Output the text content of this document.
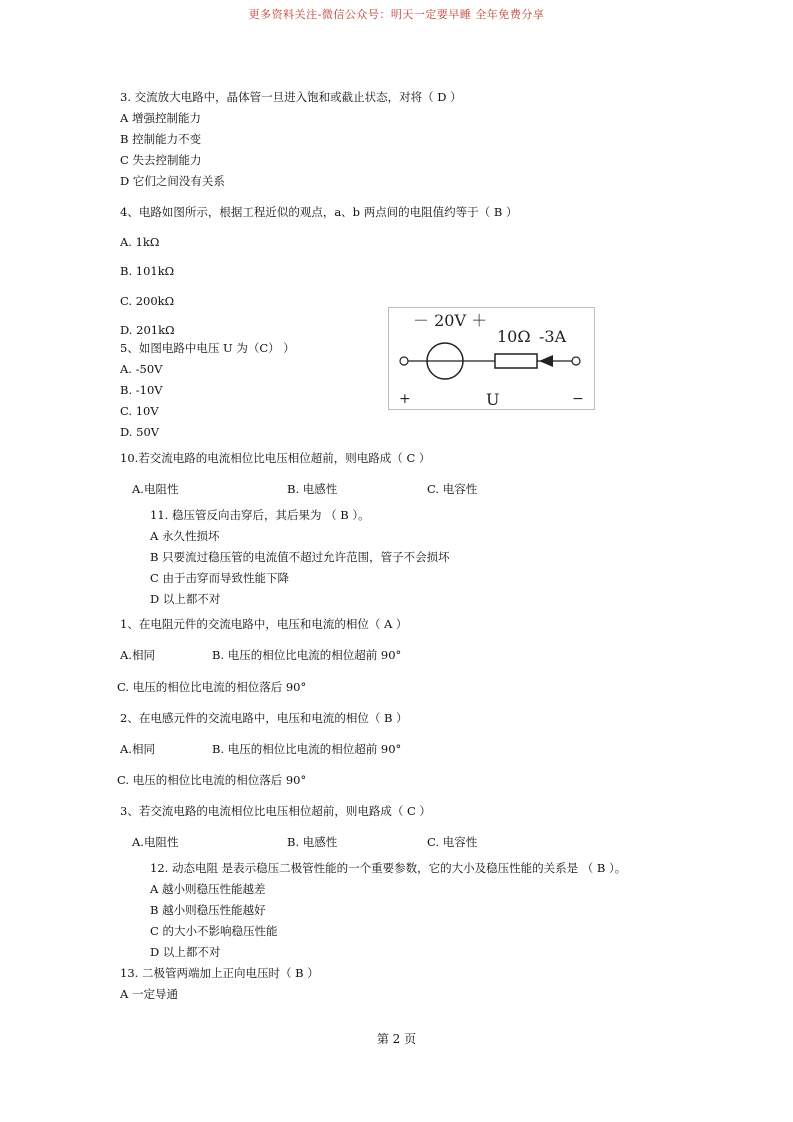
更多资料关注-微信公众号：明天一定要早睡 全年免费分享
3. 交流放大电路中，晶体管一旦进入饱和或截止状态，对将（ D ）
A 增强控制能力
B 控制能力不变
C 失去控制能力
D 它们之间没有关系
4、电路如图所示，根据工程近似的观点，a、b 两点间的电阻值约等于（ B ）
A. 1kΩ
B. 101kΩ
C. 200kΩ
D. 201kΩ
5、如图电路中电压 U 为（C） ）
A. -50V
B. -10V
C. 10V
D. 50V
10.若交流电路的电流相位比电压相位超前，则电路成（ C ）
A.电阻性	B. 电感性	C. 电容性
11. 稳压管反向击穿后，其后果为 （ B ）。
A 永久性损坏
B 只要流过稳压管的电流值不超过允许范围，管子不会损坏
C 由于击穿而导致性能下降
D 以上都不对
1、在电阻元件的交流电路中，电压和电流的相位（ A ）
A.相同	B. 电压的相位比电流的相位超前 90°
C. 电压的相位比电流的相位落后 90°
2、在电感元件的交流电路中，电压和电流的相位（ B ）
A.相同	B. 电压的相位比电流的相位超前 90°
C. 电压的相位比电流的相位落后 90°
3、若交流电路的电流相位比电压相位超前，则电路成（ C ）
A.电阻性	B. 电感性	C. 电容性
12. 动态电阻 是表示稳压二极管性能的一个重要参数，它的大小及稳压性能的关系是 （ B ）。
A 越小则稳压性能越差
B 越小则稳压性能越好
C 的大小不影响稳压性能
D 以上都不对
13. 二极管两端加上正向电压时（ B ）
A 一定导通
－ 20V ＋
10Ω -3A
+	U	−
第 2 页
